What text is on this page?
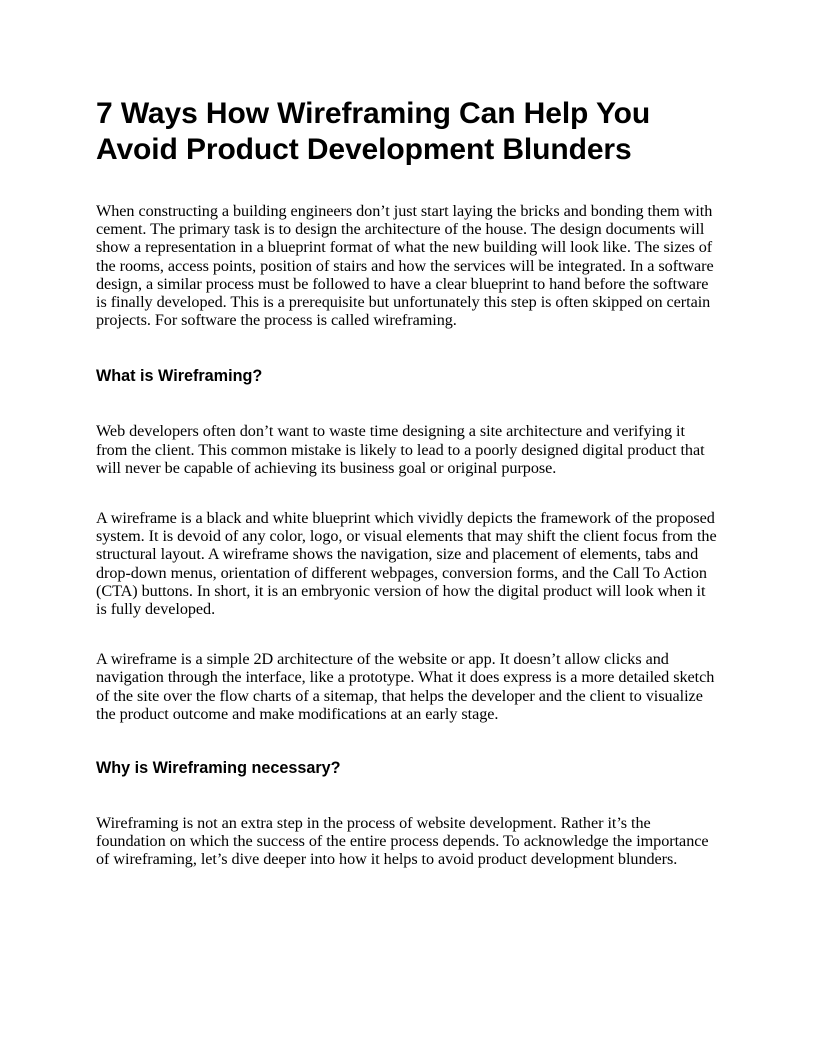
7 Ways How Wireframing Can Help You
Avoid Product Development Blunders

When constructing a building engineers don’t just start laying the bricks and bonding them with cement. The primary task is to design the architecture of the house. The design documents will show a representation in a blueprint format of what the new building will look like. The sizes of the rooms, access points, position of stairs and how the services will be integrated. In a software design, a similar process must be followed to have a clear blueprint to hand before the software is finally developed. This is a prerequisite but unfortunately this step is often skipped on certain projects. For software the process is called wireframing.

What is Wireframing?

Web developers often don’t want to waste time designing a site architecture and verifying it from the client. This common mistake is likely to lead to a poorly designed digital product that will never be capable of achieving its business goal or original purpose.

A wireframe is a black and white blueprint which vividly depicts the framework of the proposed system. It is devoid of any color, logo, or visual elements that may shift the client focus from the structural layout. A wireframe shows the navigation, size and placement of elements, tabs and drop-down menus, orientation of different webpages, conversion forms, and the Call To Action (CTA) buttons. In short, it is an embryonic version of how the digital product will look when it is fully developed.

A wireframe is a simple 2D architecture of the website or app. It doesn’t allow clicks and navigation through the interface, like a prototype. What it does express is a more detailed sketch of the site over the flow charts of a sitemap, that helps the developer and the client to visualize the product outcome and make modifications at an early stage.

Why is Wireframing necessary?

Wireframing is not an extra step in the process of website development. Rather it’s the foundation on which the success of the entire process depends. To acknowledge the importance of wireframing, let’s dive deeper into how it helps to avoid product development blunders.
